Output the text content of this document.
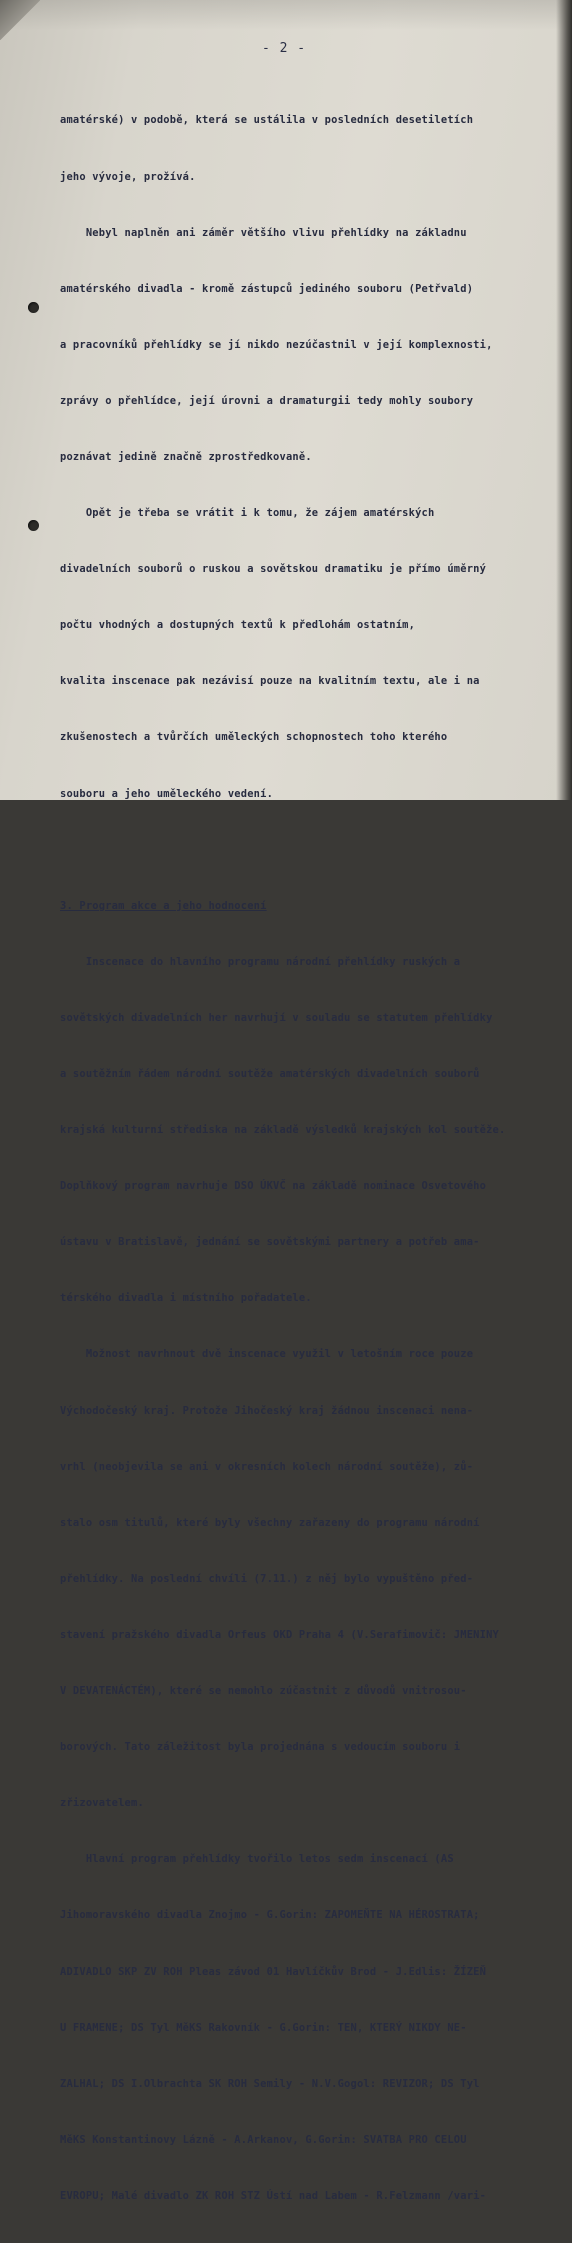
- 2 -

amatérské) v podobě, která se ustálila v posledních desetiletích

jeho vývoje, prožívá.

Nebyl naplněn ani záměr většího vlivu přehlídky na základnu

amatérského divadla - kromě zástupců jediného souboru (Petřvald)

a pracovníků přehlídky se jí nikdo nezúčastnil v její komplexnosti,

zprávy o přehlídce, její úrovni a dramaturgii tedy mohly soubory

poznávat jedině značně zprostředkovaně.

Opět je třeba se vrátit i k tomu, že zájem amatérských

divadelních souborů o ruskou a sovětskou dramatiku je přímo úměrný

počtu vhodných a dostupných textů k předlohám ostatním,

kvalita inscenace pak nezávisí pouze na kvalitním textu, ale i na

zkušenostech a tvůrčích uměleckých schopnostech toho kterého

souboru a jeho uměleckého vedení.

3. Program akce a jeho hodnocení

Inscenace do hlavního programu národní přehlídky ruských a

sovětských divadelních her navrhují v souladu se statutem přehlídky

a soutěžním řádem národní soutěže amatérských divadelních souborů

krajská kulturní střediska na základě výsledků krajských kol soutěže.

Doplňkový program navrhuje DSO ÚKVČ na základě nominace Osvetového

ústavu v Bratislavě, jednání se sovětskými partnery a potřeb ama-

térského divadla i místního pořadatele.

Možnost navrhnout dvě inscenace využil v letošním roce pouze

Východočeský kraj. Protože Jihočeský kraj žádnou inscenaci nena-

vrhl (neobjevila se ani v okresních kolech národní soutěže), zů-

stalo osm titulů, které byly všechny zařazeny do programu národní

přehlídky. Na poslední chvíli (7.11.) z něj bylo vypuštěno před-

stavení pražského divadla Orfeus OKD Praha 4 (V.Serafimovič: JMENINY

V DEVATENÁCTÉM), které se nemohlo zúčastnit z důvodů vnitrosou-

borových. Tato záležitost byla projednána s vedoucím souboru i

zřizovatelem.

Hlavní program přehlídky tvořilo letos sedm inscenací (AS

Jihomoravského divadla Znojmo - G.Gorin: ZAPOMEŇTE NA HÉROSTRATA;

ADIVADLO SKP ZV ROH Pleas závod 01 Havlíčkův Brod - J.Edlis: ŽÍZEŇ

U FRAMENE; DS Tyl MěKS Rakovník - G.Gorin: TEN, KTERÝ NIKDY NE-

ZALHAL; DS I.Olbrachta SK ROH Semily - N.V.Gogol: REVIZOR; DS Tyl

MěKS Konstantinovy Lázně - A.Arkanov, G.Gorin: SVATBA PRO CELOU

EVROPU; Malé divadlo ZK ROH STZ Ústí nad Labem - R.Felzmann /vari-
